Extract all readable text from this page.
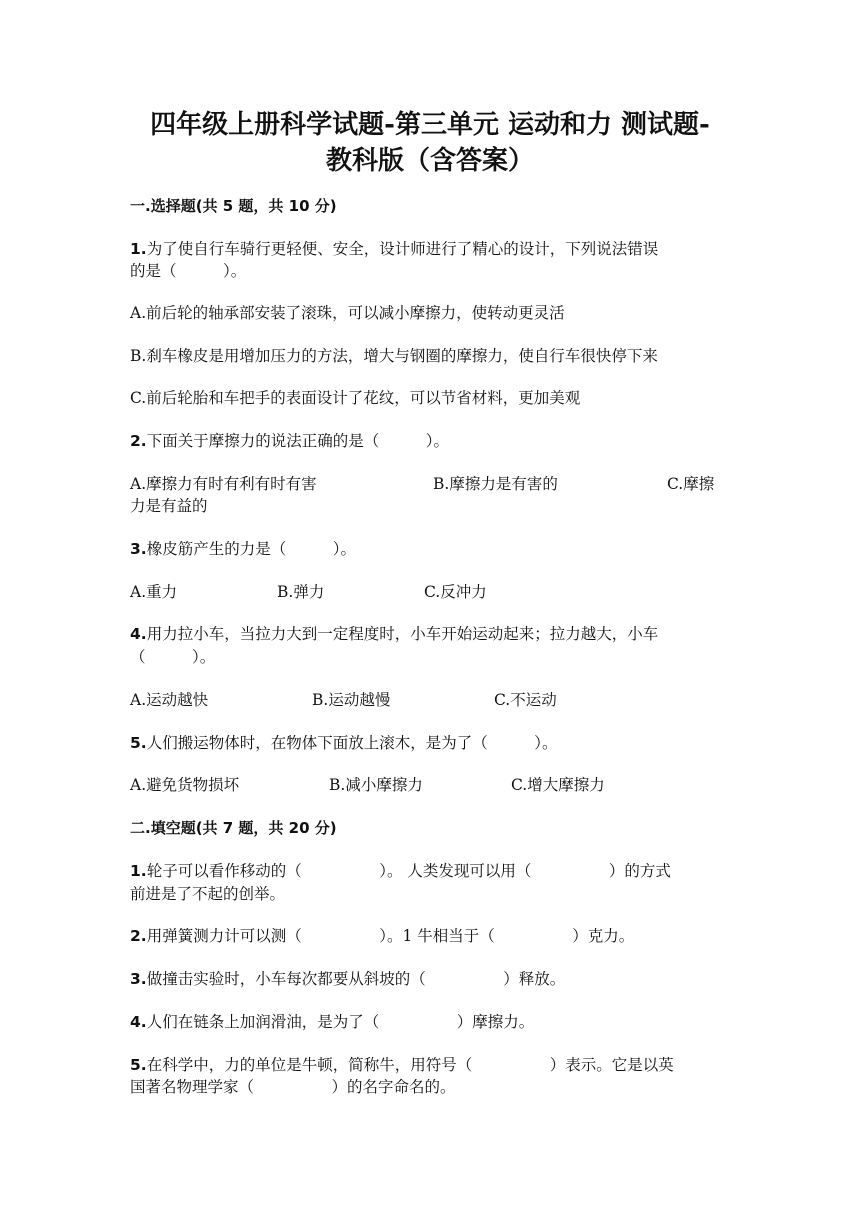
四年级上册科学试题-第三单元 运动和力 测试题-
教科版（含答案）
一.选择题(共 5 题，共 10 分)
1.为了使自行车骑行更轻便、安全，设计师进行了精心的设计，下列说法错误
的是（　　　）。
A.前后轮的轴承部安装了滚珠，可以减小摩擦力，使转动更灵活
B.刹车橡皮是用增加压力的方法，增大与钢圈的摩擦力，使自行车很快停下来
C.前后轮胎和车把手的表面设计了花纹，可以节省材料，更加美观
2.下面关于摩擦力的说法正确的是（　　　）。
A.摩擦力有时有利有时有害	B.摩擦力是有害的	C.摩擦
力是有益的
3.橡皮筋产生的力是（　　　）。
A.重力	B.弹力	C.反冲力
4.用力拉小车，当拉力大到一定程度时，小车开始运动起来；拉力越大，小车
（　　　）。
A.运动越快	B.运动越慢	C.不运动
5.人们搬运物体时，在物体下面放上滚木，是为了（　　　）。
A.避免货物损坏	B.减小摩擦力	C.增大摩擦力
二.填空题(共 7 题，共 20 分)
1.轮子可以看作移动的（　　　　　）。 人类发现可以用（　　　　　）的方式
前进是了不起的创举。
2.用弹簧测力计可以测（　　　　　）。1 牛相当于（　　　　　）克力。
3.做撞击实验时，小车每次都要从斜坡的（　　　　　）释放。
4.人们在链条上加润滑油，是为了（　　　　　）摩擦力。
5.在科学中，力的单位是牛顿，简称牛，用符号（　　　　　）表示。它是以英
国著名物理学家（　　　　　）的名字命名的。
